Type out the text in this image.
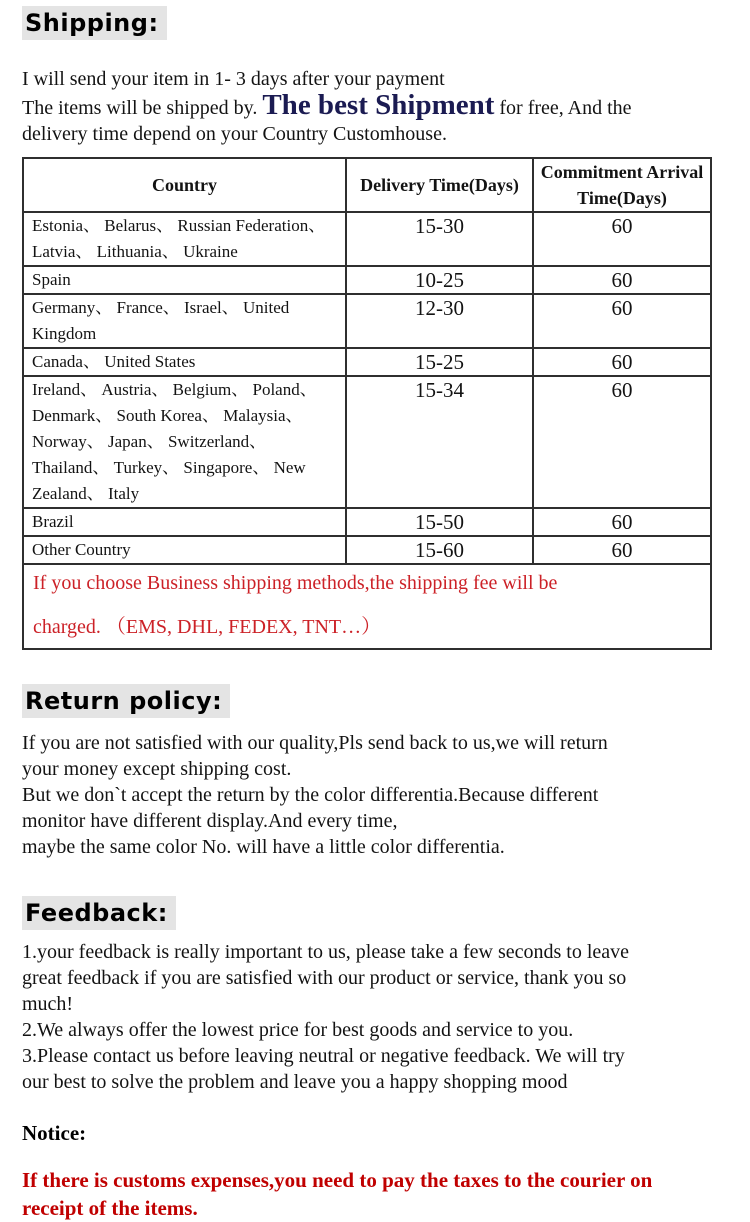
Shipping:
I will send your item in 1- 3 days after your payment
The items will be shipped by. The best Shipment for free, And the
delivery time depend on your Country Customhouse.
Country	Delivery Time(Days)	Commitment Arrival Time(Days)
Estonia、 Belarus、 Russian Federation、 Latvia、 Lithuania、 Ukraine	15-30	60
Spain	10-25	60
Germany、 France、 Israel、 United Kingdom	12-30	60
Canada、 United States	15-25	60
Ireland、 Austria、 Belgium、 Poland、 Denmark、 South Korea、 Malaysia、 Norway、 Japan、 Switzerland、 Thailand、 Turkey、 Singapore、 New Zealand、 Italy	15-34	60
Brazil	15-50	60
Other Country	15-60	60

If you choose Business shipping methods,the shipping fee will be
charged. （EMS, DHL, FEDEX, TNT…）		
Return policy:
If you are not satisfied with our quality,Pls send back to us,we will return
your money except shipping cost.
But we don`t accept the return by the color differentia.Because different
monitor have different display.And every time,
maybe the same color No. will have a little color differentia.
Feedback:
1.your feedback is really important to us, please take a few seconds to leave
great feedback if you are satisfied with our product or service, thank you so
much!
2.We always offer the lowest price for best goods and service to you.
3.Please contact us before leaving neutral or negative feedback. We will try
our best to solve the problem and leave you a happy shopping mood
Notice:
If there is customs expenses,you need to pay the taxes to the courier on
receipt of the items.
